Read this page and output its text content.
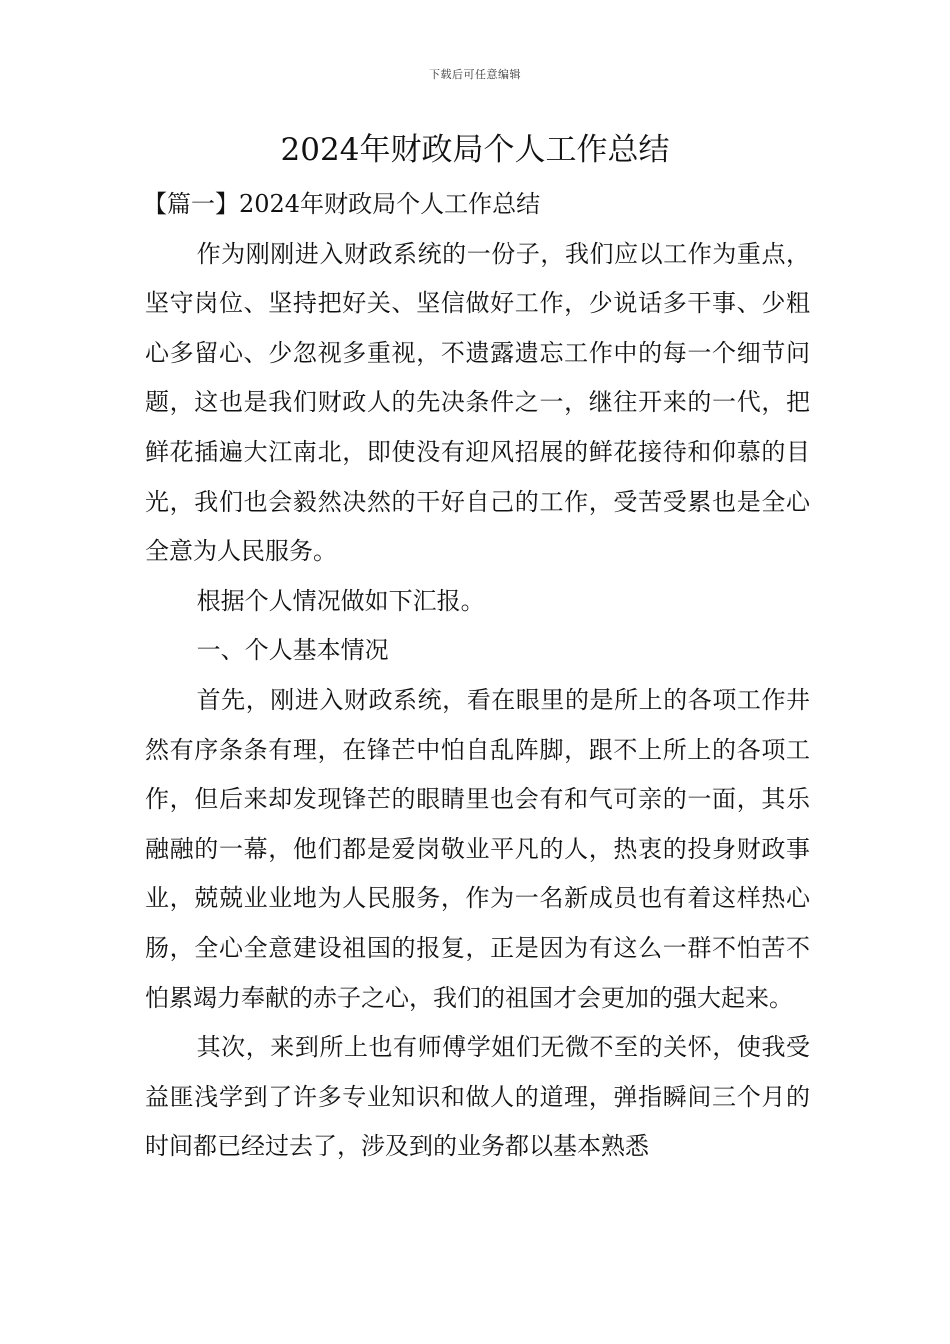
下载后可任意编辑
2024年财政局个人工作总结

【篇一】2024年财政局个人工作总结

作为刚刚进入财政系统的一份子，我们应以工作为重点，坚守岗位、坚持把好关、坚信做好工作，少说话多干事、少粗心多留心、少忽视多重视，不遗露遗忘工作中的每一个细节问题，这也是我们财政人的先决条件之一，继往开来的一代，把鲜花插遍大江南北，即使没有迎风招展的鲜花接待和仰慕的目光，我们也会毅然决然的干好自己的工作，受苦受累也是全心全意为人民服务。

根据个人情况做如下汇报。

一、个人基本情况

首先，刚进入财政系统，看在眼里的是所上的各项工作井然有序条条有理，在锋芒中怕自乱阵脚，跟不上所上的各项工作，但后来却发现锋芒的眼睛里也会有和气可亲的一面，其乐融融的一幕，他们都是爱岗敬业平凡的人，热衷的投身财政事业，兢兢业业地为人民服务，作为一名新成员也有着这样热心肠，全心全意建设祖国的报复，正是因为有这么一群不怕苦不怕累竭力奉献的赤子之心，我们的祖国才会更加的强大起来。

其次，来到所上也有师傅学姐们无微不至的关怀，使我受益匪浅学到了许多专业知识和做人的道理，弹指瞬间三个月的时间都已经过去了，涉及到的业务都以基本熟悉
